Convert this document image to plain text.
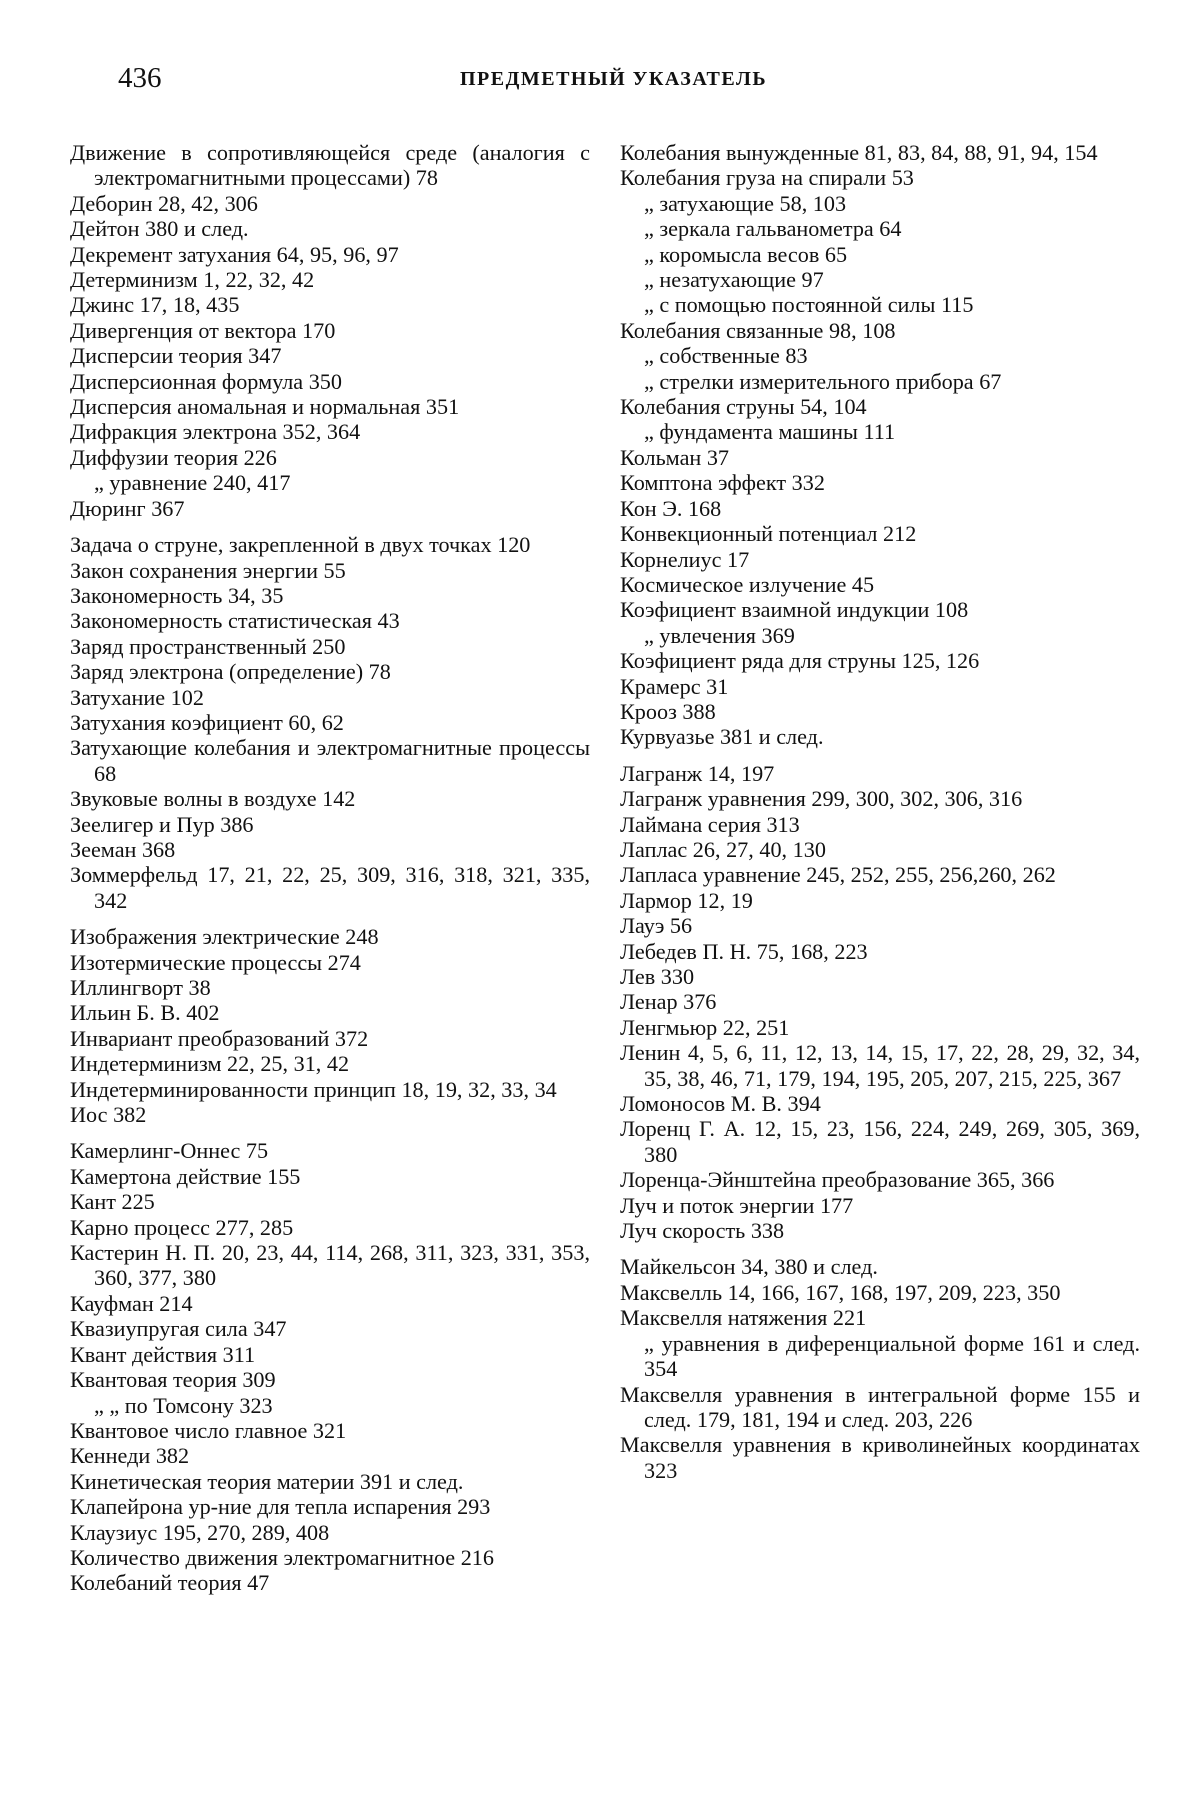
436	ПРЕДМЕТНЫЙ УКАЗАТЕЛЬ
Движение в сопротивляющейся среде (аналогия с электромагнитными процессами) 78
Деборин 28, 42, 306
Дейтон 380 и след.
Декремент затухания 64, 95, 96, 97
Детерминизм 1, 22, 32, 42
Джинс 17, 18, 435
Дивергенция от вектора 170
Дисперсии теория 347
Дисперсионная формула 350
Дисперсия аномальная и нормальная 351
Дифракция электрона 352, 364
Диффузии теория 226
„ уравнение 240, 417
Дюринг 367
Задача о струне, закрепленной в двух точках 120
Закон сохранения энергии 55
Закономерность 34, 35
Закономерность статистическая 43
Заряд пространственный 250
Заряд электрона (определение) 78
Затухание 102
Затухания коэфициент 60, 62
Затухающие колебания и электромагнитные процессы 68
Звуковые волны в воздухе 142
Зеелигер и Пур 386
Зееман 368
Зоммерфельд 17, 21, 22, 25, 309, 316, 318, 321, 335, 342
Изображения электрические 248
Изотермические процессы 274
Иллингворт 38
Ильин Б. В. 402
Инвариант преобразований 372
Индетерминизм 22, 25, 31, 42
Индетерминированности принцип 18, 19, 32, 33, 34
Иос 382
Камерлинг-Оннес 75
Камертона действие 155
Кант 225
Карно процесс 277, 285
Кастерин Н. П. 20, 23, 44, 114, 268, 311, 323, 331, 353, 360, 377, 380
Кауфман 214
Квазиупругая сила 347
Квант действия 311
Квантовая теория 309
„ „ по Томсону 323
Квантовое число главное 321
Кеннеди 382
Кинетическая теория материи 391 и след.
Клапейрона ур-ние для тепла испарения 293
Клаузиус 195, 270, 289, 408
Количество движения электромагнитное 216
Колебаний теория 47
Колебания вынужденные 81, 83, 84, 88, 91, 94, 154
Колебания груза на спирали 53
„ затухающие 58, 103
„ зеркала гальванометра 64
„ коромысла весов 65
„ незатухающие 97
„ с помощью постоянной силы 115
Колебания связанные 98, 108
„ собственные 83
„ стрелки измерительного прибора 67
Колебания струны 54, 104
„ фундамента машины 111
Кольман 37
Комптона эффект 332
Кон Э. 168
Конвекционный потенциал 212
Корнелиус 17
Космическое излучение 45
Коэфициент взаимной индукции 108
„ увлечения 369
Коэфициент ряда для струны 125, 126
Крамерс 31
Крооз 388
Курвуазье 381 и след.
Лагранж 14, 197
Лагранж уравнения 299, 300, 302, 306, 316
Лаймана серия 313
Лаплас 26, 27, 40, 130
Лапласа уравнение 245, 252, 255, 256,260, 262
Лармор 12, 19
Лауэ 56
Лебедев П. Н. 75, 168, 223
Лев 330
Ленар 376
Ленгмьюр 22, 251
Ленин 4, 5, 6, 11, 12, 13, 14, 15, 17, 22, 28, 29, 32, 34, 35, 38, 46, 71, 179, 194, 195, 205, 207, 215, 225, 367
Ломоносов М. В. 394
Лоренц Г. А. 12, 15, 23, 156, 224, 249, 269, 305, 369, 380
Лоренца-Эйнштейна преобразование 365, 366
Луч и поток энергии 177
Луч скорость 338
Майкельсон 34, 380 и след.
Максвелль 14, 166, 167, 168, 197, 209, 223, 350
Максвелля натяжения 221
„ уравнения в диференциальной форме 161 и след. 354
Максвелля уравнения в интегральной форме 155 и след. 179, 181, 194 и след. 203, 226
Максвелля уравнения в криволинейных координатах 323
